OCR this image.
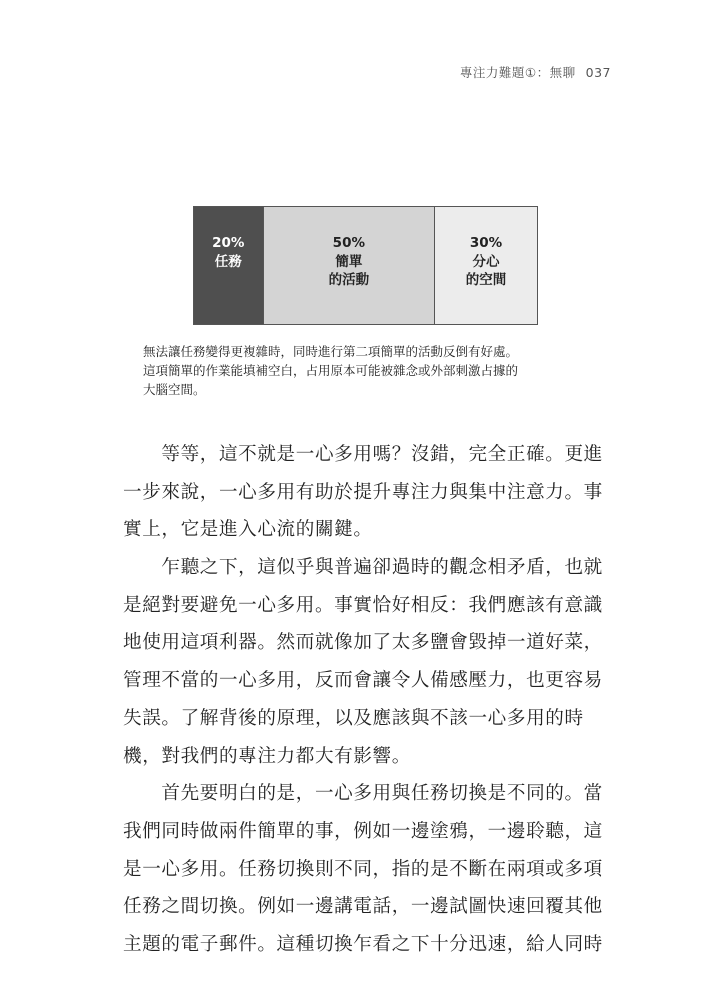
專注力難題①：無聊 037
20%
任務
50%
簡單
的活動
30%
分心
的空間
無法讓任務變得更複雜時，同時進行第二項簡單的活動反倒有好處。
這項簡單的作業能填補空白，占用原本可能被雜念或外部刺激占據的
大腦空間。
　　等等，這不就是一心多用嗎？沒錯，完全正確。更進
一步來說，一心多用有助於提升專注力與集中注意力。事
實上，它是進入心流的關鍵。
　　乍聽之下，這似乎與普遍卻過時的觀念相矛盾，也就
是絕對要避免一心多用。事實恰好相反：我們應該有意識
地使用這項利器。然而就像加了太多鹽會毀掉一道好菜，
管理不當的一心多用，反而會讓令人備感壓力，也更容易
失誤。了解背後的原理，以及應該與不該一心多用的時
機，對我們的專注力都大有影響。
　　首先要明白的是，一心多用與任務切換是不同的。當
我們同時做兩件簡單的事，例如一邊塗鴉，一邊聆聽，這
是一心多用。任務切換則不同，指的是不斷在兩項或多項
任務之間切換。例如一邊講電話，一邊試圖快速回覆其他
主題的電子郵件。這種切換乍看之下十分迅速，給人同時
